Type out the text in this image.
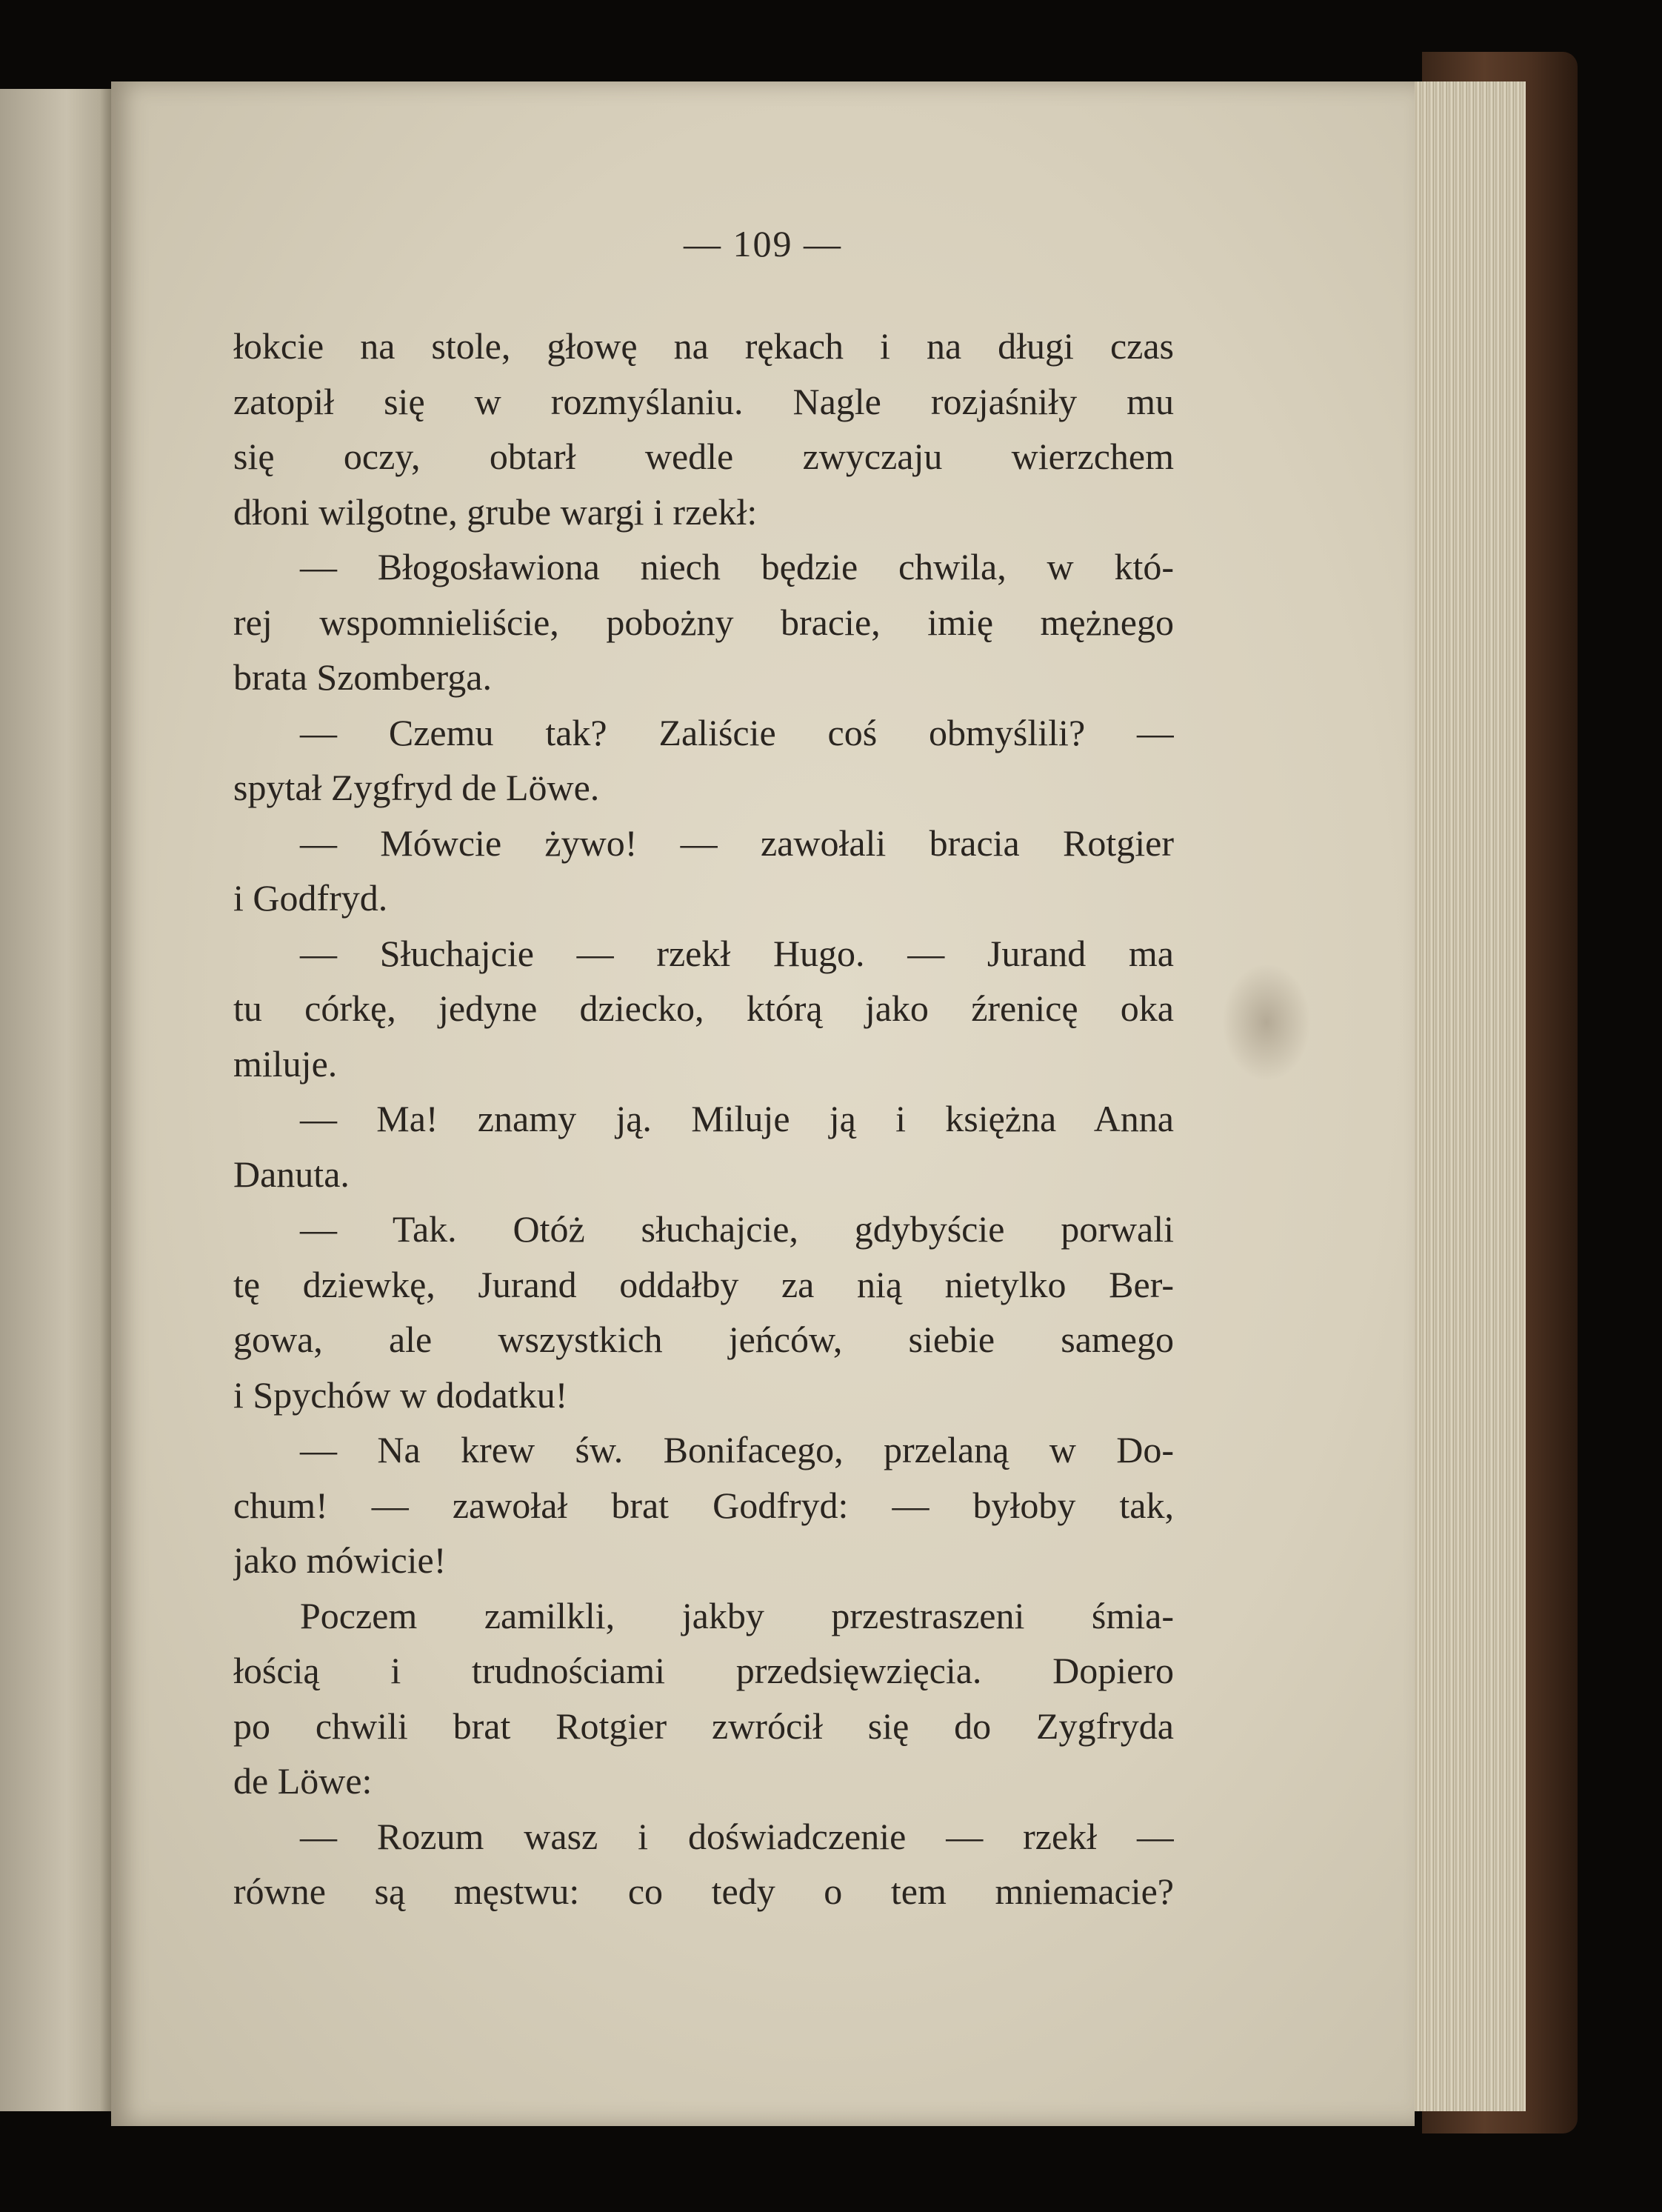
— 109 —
łokcie na stole, głowę na rękach i na długi czas
zatopił się w rozmyślaniu. Nagle rozjaśniły mu
się oczy, obtarł wedle zwyczaju wierzchem
dłoni wilgotne, grube wargi i rzekł:
— Błogosławiona niech będzie chwila, w któ-
rej wspomnieliście, pobożny bracie, imię mężnego
brata Szomberga.
— Czemu tak? Zaliście coś obmyślili? —
spytał Zygfryd de Löwe.
— Mówcie żywo! — zawołali bracia Rotgier
i Godfryd.
— Słuchajcie — rzekł Hugo. — Jurand ma
tu córkę, jedyne dziecko, którą jako źrenicę oka
miluje.
— Ma! znamy ją. Miluje ją i księżna Anna
Danuta.
— Tak. Otóż słuchajcie, gdybyście porwali
tę dziewkę, Jurand oddałby za nią nietylko Ber-
gowa, ale wszystkich jeńców, siebie samego
i Spychów w dodatku!
— Na krew św. Bonifacego, przelaną w Do-
chum! — zawołał brat Godfryd: — byłoby tak,
jako mówicie!
Poczem zamilkli, jakby przestraszeni śmia-
łością i trudnościami przedsięwzięcia. Dopiero
po chwili brat Rotgier zwrócił się do Zygfryda
de Löwe:
— Rozum wasz i doświadczenie — rzekł —
równe są męstwu: co tedy o tem mniemacie?
